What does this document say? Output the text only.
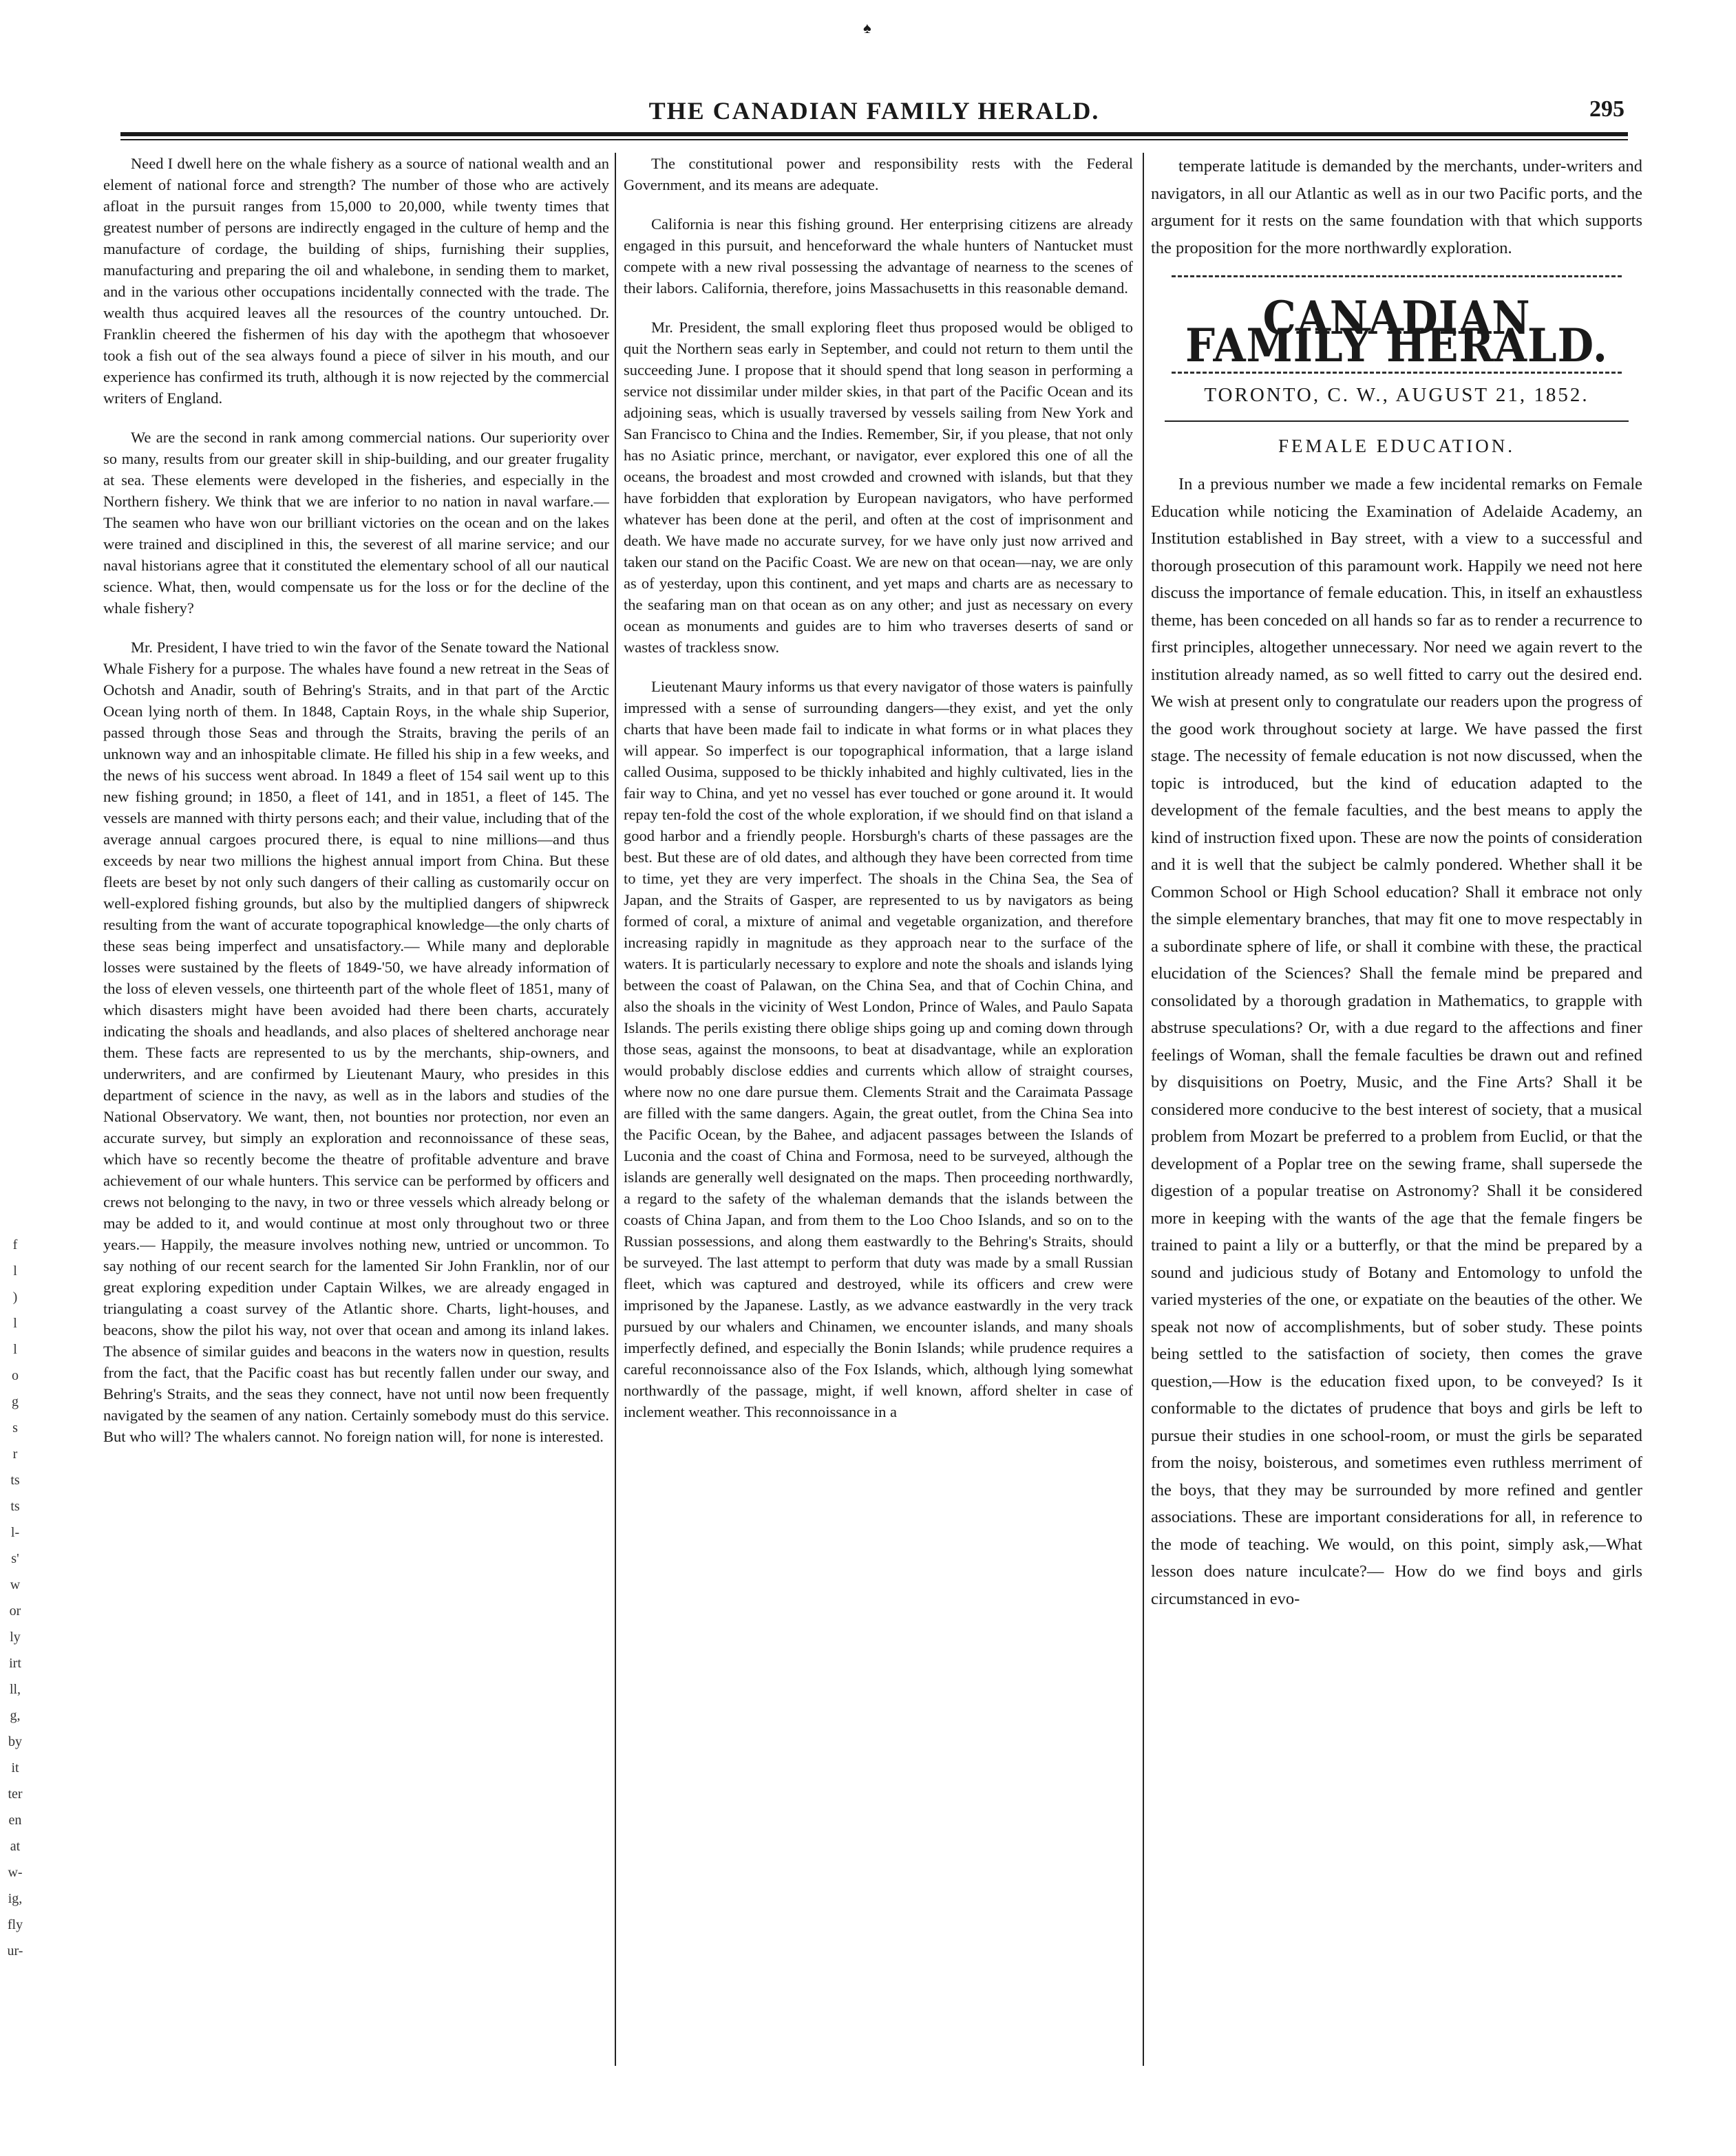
♠
THE CANADIAN FAMILY HERALD.	295
f
l
)
l
l
o
g
s
r
ts
ts
l-
s'
w
or
ly
irt
ll,
g,
by
it
ter
en
at
w-
ig,
fly
ur-

Need I dwell here on the whale fishery as a source of national wealth and an element of national force and strength? The number of those who are actively afloat in the pursuit ranges from 15,000 to 20,000, while twenty times that greatest number of persons are indirectly engaged in the culture of hemp and the manufacture of cordage, the building of ships, furnishing their supplies, manufacturing and preparing the oil and whalebone, in sending them to market, and in the various other occupations incidentally connected with the trade. The wealth thus acquired leaves all the resources of the country untouched. Dr. Franklin cheered the fishermen of his day with the apothegm that whosoever took a fish out of the sea always found a piece of silver in his mouth, and our experience has confirmed its truth, although it is now rejected by the commercial writers of England.

We are the second in rank among commercial nations. Our superiority over so many, results from our greater skill in ship-building, and our greater frugality at sea. These elements were developed in the fisheries, and especially in the Northern fishery. We think that we are inferior to no nation in naval warfare.— The seamen who have won our brilliant victories on the ocean and on the lakes were trained and disciplined in this, the severest of all marine service; and our naval historians agree that it constituted the elementary school of all our nautical science. What, then, would compensate us for the loss or for the decline of the whale fishery?

Mr. President, I have tried to win the favor of the Senate toward the National Whale Fishery for a purpose. The whales have found a new retreat in the Seas of Ochotsh and Anadir, south of Behring's Straits, and in that part of the Arctic Ocean lying north of them. In 1848, Captain Roys, in the whale ship Superior, passed through those Seas and through the Straits, braving the perils of an unknown way and an inhospitable climate. He filled his ship in a few weeks, and the news of his success went abroad. In 1849 a fleet of 154 sail went up to this new fishing ground; in 1850, a fleet of 141, and in 1851, a fleet of 145. The vessels are manned with thirty persons each; and their value, including that of the average annual cargoes procured there, is equal to nine millions—and thus exceeds by near two millions the highest annual import from China. But these fleets are beset by not only such dangers of their calling as customarily occur on well-explored fishing grounds, but also by the multiplied dangers of shipwreck resulting from the want of accurate topographical knowledge—the only charts of these seas being imperfect and unsatisfactory.— While many and deplorable losses were sustained by the fleets of 1849-'50, we have already information of the loss of eleven vessels, one thirteenth part of the whole fleet of 1851, many of which disasters might have been avoided had there been charts, accurately indicating the shoals and headlands, and also places of sheltered anchorage near them. These facts are represented to us by the merchants, ship-owners, and underwriters, and are confirmed by Lieutenant Maury, who presides in this department of science in the navy, as well as in the labors and studies of the National Observatory. We want, then, not bounties nor protection, nor even an accurate survey, but simply an exploration and reconnoissance of these seas, which have so recently become the theatre of profitable adventure and brave achievement of our whale hunters. This service can be performed by officers and crews not belonging to the navy, in two or three vessels which already belong or may be added to it, and would continue at most only throughout two or three years.— Happily, the measure involves nothing new, untried or uncommon. To say nothing of our recent search for the lamented Sir John Franklin, nor of our great exploring expedition under Captain Wilkes, we are already engaged in triangulating a coast survey of the Atlantic shore. Charts, light-houses, and beacons, show the pilot his way, not over that ocean and among its inland lakes. The absence of similar guides and beacons in the waters now in question, results from the fact, that the Pacific coast has but recently fallen under our sway, and Behring's Straits, and the seas they connect, have not until now been frequently navigated by the seamen of any nation. Certainly somebody must do this service. But who will? The whalers cannot. No foreign nation will, for none is interested.

The constitutional power and responsibility rests with the Federal Government, and its means are adequate.

California is near this fishing ground. Her enterprising citizens are already engaged in this pursuit, and henceforward the whale hunters of Nantucket must compete with a new rival possessing the advantage of nearness to the scenes of their labors. California, therefore, joins Massachusetts in this reasonable demand.

Mr. President, the small exploring fleet thus proposed would be obliged to quit the Northern seas early in September, and could not return to them until the succeeding June. I propose that it should spend that long season in performing a service not dissimilar under milder skies, in that part of the Pacific Ocean and its adjoining seas, which is usually traversed by vessels sailing from New York and San Francisco to China and the Indies. Remember, Sir, if you please, that not only has no Asiatic prince, merchant, or navigator, ever explored this one of all the oceans, the broadest and most crowded and crowned with islands, but that they have forbidden that exploration by European navigators, who have performed whatever has been done at the peril, and often at the cost of imprisonment and death. We have made no accurate survey, for we have only just now arrived and taken our stand on the Pacific Coast. We are new on that ocean—nay, we are only as of yesterday, upon this continent, and yet maps and charts are as necessary to the seafaring man on that ocean as on any other; and just as necessary on every ocean as monuments and guides are to him who traverses deserts of sand or wastes of trackless snow.

Lieutenant Maury informs us that every navigator of those waters is painfully impressed with a sense of surrounding dangers—they exist, and yet the only charts that have been made fail to indicate in what forms or in what places they will appear. So imperfect is our topographical information, that a large island called Ousima, supposed to be thickly inhabited and highly cultivated, lies in the fair way to China, and yet no vessel has ever touched or gone around it. It would repay ten-fold the cost of the whole exploration, if we should find on that island a good harbor and a friendly people. Horsburgh's charts of these passages are the best. But these are of old dates, and although they have been corrected from time to time, yet they are very imperfect. The shoals in the China Sea, the Sea of Japan, and the Straits of Gasper, are represented to us by navigators as being formed of coral, a mixture of animal and vegetable organization, and therefore increasing rapidly in magnitude as they approach near to the surface of the waters. It is particularly necessary to explore and note the shoals and islands lying between the coast of Palawan, on the China Sea, and that of Cochin China, and also the shoals in the vicinity of West London, Prince of Wales, and Paulo Sapata Islands. The perils existing there oblige ships going up and coming down through those seas, against the monsoons, to beat at disadvantage, while an exploration would probably disclose eddies and currents which allow of straight courses, where now no one dare pursue them. Clements Strait and the Caraimata Passage are filled with the same dangers. Again, the great outlet, from the China Sea into the Pacific Ocean, by the Bahee, and adjacent passages between the Islands of Luconia and the coast of China and Formosa, need to be surveyed, although the islands are generally well designated on the maps. Then proceeding northwardly, a regard to the safety of the whaleman demands that the islands between the coasts of China Japan, and from them to the Loo Choo Islands, and so on to the Russian possessions, and along them eastwardly to the Behring's Straits, should be surveyed. The last attempt to perform that duty was made by a small Russian fleet, which was captured and destroyed, while its officers and crew were imprisoned by the Japanese. Lastly, as we advance eastwardly in the very track pursued by our whalers and Chinamen, we encounter islands, and many shoals imperfectly defined, and especially the Bonin Islands; while prudence requires a careful reconnoissance also of the Fox Islands, which, although lying somewhat northwardly of the passage, might, if well known, afford shelter in case of inclement weather. This reconnoissance in a

temperate latitude is demanded by the merchants, under-writers and navigators, in all our Atlantic as well as in our two Pacific ports, and the argument for it rests on the same foundation with that which supports the proposition for the more northwardly exploration.

CANADIAN FAMILY HERALD.
TORONTO, C. W., AUGUST 21, 1852.
FEMALE EDUCATION.

In a previous number we made a few incidental remarks on Female Education while noticing the Examination of Adelaide Academy, an Institution established in Bay street, with a view to a successful and thorough prosecution of this paramount work. Happily we need not here discuss the importance of female education. This, in itself an exhaustless theme, has been conceded on all hands so far as to render a recurrence to first principles, altogether unnecessary. Nor need we again revert to the institution already named, as so well fitted to carry out the desired end. We wish at present only to congratulate our readers upon the progress of the good work throughout society at large. We have passed the first stage. The necessity of female education is not now discussed, when the topic is introduced, but the kind of education adapted to the development of the female faculties, and the best means to apply the kind of instruction fixed upon. These are now the points of consideration and it is well that the subject be calmly pondered. Whether shall it be Common School or High School education? Shall it embrace not only the simple elementary branches, that may fit one to move respectably in a subordinate sphere of life, or shall it combine with these, the practical elucidation of the Sciences? Shall the female mind be prepared and consolidated by a thorough gradation in Mathematics, to grapple with abstruse speculations? Or, with a due regard to the affections and finer feelings of Woman, shall the female faculties be drawn out and refined by disquisitions on Poetry, Music, and the Fine Arts? Shall it be considered more conducive to the best interest of society, that a musical problem from Mozart be preferred to a problem from Euclid, or that the development of a Poplar tree on the sewing frame, shall supersede the digestion of a popular treatise on Astronomy? Shall it be considered more in keeping with the wants of the age that the female fingers be trained to paint a lily or a butterfly, or that the mind be prepared by a sound and judicious study of Botany and Entomology to unfold the varied mysteries of the one, or expatiate on the beauties of the other. We speak not now of accomplishments, but of sober study. These points being settled to the satisfaction of society, then comes the grave question,—How is the education fixed upon, to be conveyed? Is it conformable to the dictates of prudence that boys and girls be left to pursue their studies in one school-room, or must the girls be separated from the noisy, boisterous, and sometimes even ruthless merriment of the boys, that they may be surrounded by more refined and gentler associations. These are important considerations for all, in reference to the mode of teaching. We would, on this point, simply ask,—What lesson does nature inculcate?— How do we find boys and girls circumstanced in evo-
